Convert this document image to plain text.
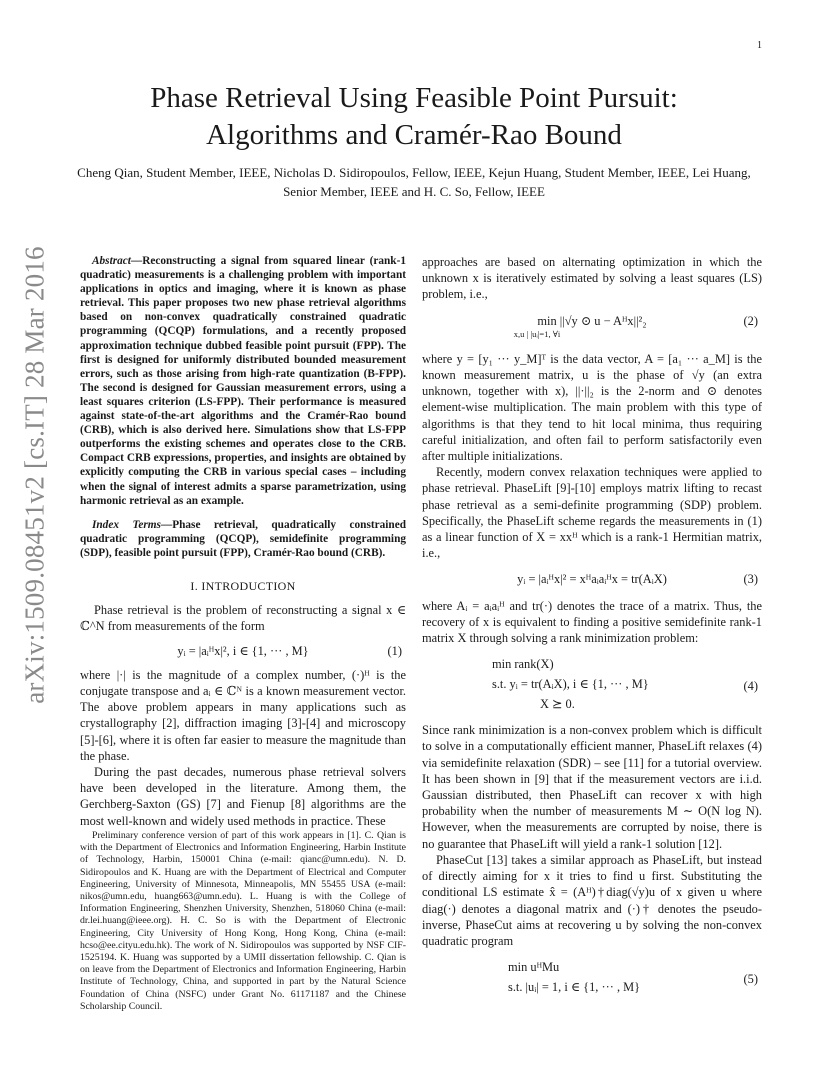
1
arXiv:1509.08451v2 [cs.IT] 28 Mar 2016
Phase Retrieval Using Feasible Point Pursuit:
Algorithms and Cramér-Rao Bound
Cheng Qian, Student Member, IEEE, Nicholas D. Sidiropoulos, Fellow, IEEE, Kejun Huang, Student Member, IEEE, Lei Huang, Senior Member, IEEE and H. C. So, Fellow, IEEE

Abstract—Reconstructing a signal from squared linear (rank-1 quadratic) measurements is a challenging problem with important applications in optics and imaging, where it is known as phase retrieval. This paper proposes two new phase retrieval algorithms based on non-convex quadratically constrained quadratic programming (QCQP) formulations, and a recently proposed approximation technique dubbed feasible point pursuit (FPP). The first is designed for uniformly distributed bounded measurement errors, such as those arising from high-rate quantization (B-FPP). The second is designed for Gaussian measurement errors, using a least squares criterion (LS-FPP). Their performance is measured against state-of-the-art algorithms and the Cramér-Rao bound (CRB), which is also derived here. Simulations show that LS-FPP outperforms the existing schemes and operates close to the CRB. Compact CRB expressions, properties, and insights are obtained by explicitly computing the CRB in various special cases – including when the signal of interest admits a sparse parametrization, using harmonic retrieval as an example.

Index Terms—Phase retrieval, quadratically constrained quadratic programming (QCQP), semidefinite programming (SDP), feasible point pursuit (FPP), Cramér-Rao bound (CRB).

I. INTRODUCTION

Phase retrieval is the problem of reconstructing a signal x ∈ ℂ^N from measurements of the form

yᵢ = |aᵢᴴx|², i ∈ {1, ··· , M}	(1)

where |·| is the magnitude of a complex number, (·)ᴴ is the conjugate transpose and aᵢ ∈ ℂᴺ is a known measurement vector. The above problem appears in many applications such as crystallography [2], diffraction imaging [3]-[4] and microscopy [5]-[6], where it is often far easier to measure the magnitude than the phase.

During the past decades, numerous phase retrieval solvers have been developed in the literature. Among them, the Gerchberg-Saxton (GS) [7] and Fienup [8] algorithms are the most well-known and widely used methods in practice. These

Preliminary conference version of part of this work appears in [1]. C. Qian is with the Department of Electronics and Information Engineering, Harbin Institute of Technology, Harbin, 150001 China (e-mail: qianc@umn.edu). N. D. Sidiropoulos and K. Huang are with the Department of Electrical and Computer Engineering, University of Minnesota, Minneapolis, MN 55455 USA (e-mail: nikos@umn.edu, huang663@umn.edu). L. Huang is with the College of Information Engineering, Shenzhen University, Shenzhen, 518060 China (e-mail: dr.lei.huang@ieee.org). H. C. So is with the Department of Electronic Engineering, City University of Hong Kong, Hong Kong, China (e-mail: hcso@ee.cityu.edu.hk). The work of N. Sidiropoulos was supported by NSF CIF-1525194. K. Huang was supported by a UMII dissertation fellowship. C. Qian is on leave from the Department of Electronics and Information Engineering, Harbin Institute of Technology, China, and supported in part by the Natural Science Foundation of China (NSFC) under Grant No. 61171187 and the Chinese Scholarship Council.

approaches are based on alternating optimization in which the unknown x is iteratively estimated by solving a least squares (LS) problem, i.e.,

min ||√y ⊙ u − Aᴴx||²₂
x,u | |uᵢ|=1, ∀i
(2)

where y = [y₁ ··· y_M]ᵀ is the data vector, A = [a₁ ··· a_M] is the known measurement matrix, u is the phase of √y (an extra unknown, together with x), ||·||₂ is the 2-norm and ⊙ denotes element-wise multiplication. The main problem with this type of algorithms is that they tend to hit local minima, thus requiring careful initialization, and often fail to perform satisfactorily even after multiple initializations.

Recently, modern convex relaxation techniques were applied to phase retrieval. PhaseLift [9]-[10] employs matrix lifting to recast phase retrieval as a semi-definite programming (SDP) problem. Specifically, the PhaseLift scheme regards the measurements in (1) as a linear function of X = xxᴴ which is a rank-1 Hermitian matrix, i.e.,

yᵢ = |aᵢᴴx|² = xᴴaᵢaᵢᴴx = tr(AᵢX)	(3)

where Aᵢ = aᵢaᵢᴴ and tr(·) denotes the trace of a matrix. Thus, the recovery of x is equivalent to finding a positive semidefinite rank-1 matrix X through solving a rank minimization problem:

min rank(X)
s.t. yᵢ = tr(AᵢX), i ∈ {1, ··· , M}
X ⪰ 0.
(4)

Since rank minimization is a non-convex problem which is difficult to solve in a computationally efficient manner, PhaseLift relaxes (4) via semidefinite relaxation (SDR) – see [11] for a tutorial overview. It has been shown in [9] that if the measurement vectors are i.i.d. Gaussian distributed, then PhaseLift can recover x with high probability when the number of measurements M ∼ O(N log N). However, when the measurements are corrupted by noise, there is no guarantee that PhaseLift will yield a rank-1 solution [12].

PhaseCut [13] takes a similar approach as PhaseLift, but instead of directly aiming for x it tries to find u first. Substituting the conditional LS estimate x̂ = (Aᴴ)†diag(√y)u of x given u where diag(·) denotes a diagonal matrix and (·)† denotes the pseudo-inverse, PhaseCut aims at recovering u by solving the non-convex quadratic program

min uᴴMu
s.t. |uᵢ| = 1, i ∈ {1, ··· , M}
(5)
